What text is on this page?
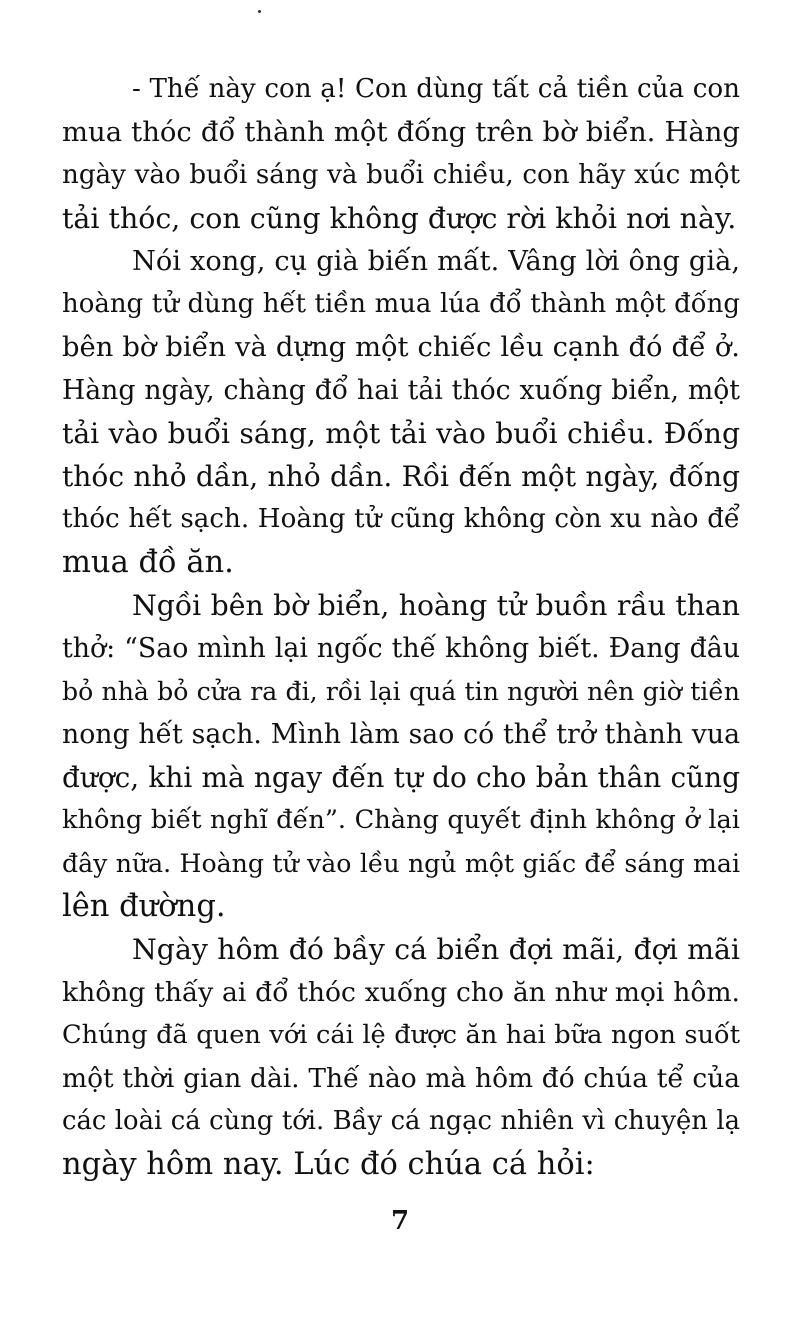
- Thế này con ạ! Con dùng tất cả tiền của con
mua thóc đổ thành một đống trên bờ biển. Hàng
ngày vào buổi sáng và buổi chiều, con hãy xúc một
tải thóc, con cũng không được rời khỏi nơi này.
Nói xong, cụ già biến mất. Vâng lời ông già,
hoàng tử dùng hết tiền mua lúa đổ thành một đống
bên bờ biển và dựng một chiếc lều cạnh đó để ở.
Hàng ngày, chàng đổ hai tải thóc xuống biển, một
tải vào buổi sáng, một tải vào buổi chiều. Đống
thóc nhỏ dần, nhỏ dần. Rồi đến một ngày, đống
thóc hết sạch. Hoàng tử cũng không còn xu nào để
mua đồ ăn.
Ngồi bên bờ biển, hoàng tử buồn rầu than
thở: “Sao mình lại ngốc thế không biết. Đang đâu
bỏ nhà bỏ cửa ra đi, rồi lại quá tin người nên giờ tiền
nong hết sạch. Mình làm sao có thể trở thành vua
được, khi mà ngay đến tự do cho bản thân cũng
không biết nghĩ đến”. Chàng quyết định không ở lại
đây nữa. Hoàng tử vào lều ngủ một giấc để sáng mai
lên đường.
Ngày hôm đó bầy cá biển đợi mãi, đợi mãi
không thấy ai đổ thóc xuống cho ăn như mọi hôm.
Chúng đã quen với cái lệ được ăn hai bữa ngon suốt
một thời gian dài. Thế nào mà hôm đó chúa tể của
các loài cá cùng tới. Bầy cá ngạc nhiên vì chuyện lạ
ngày hôm nay. Lúc đó chúa cá hỏi:
7
